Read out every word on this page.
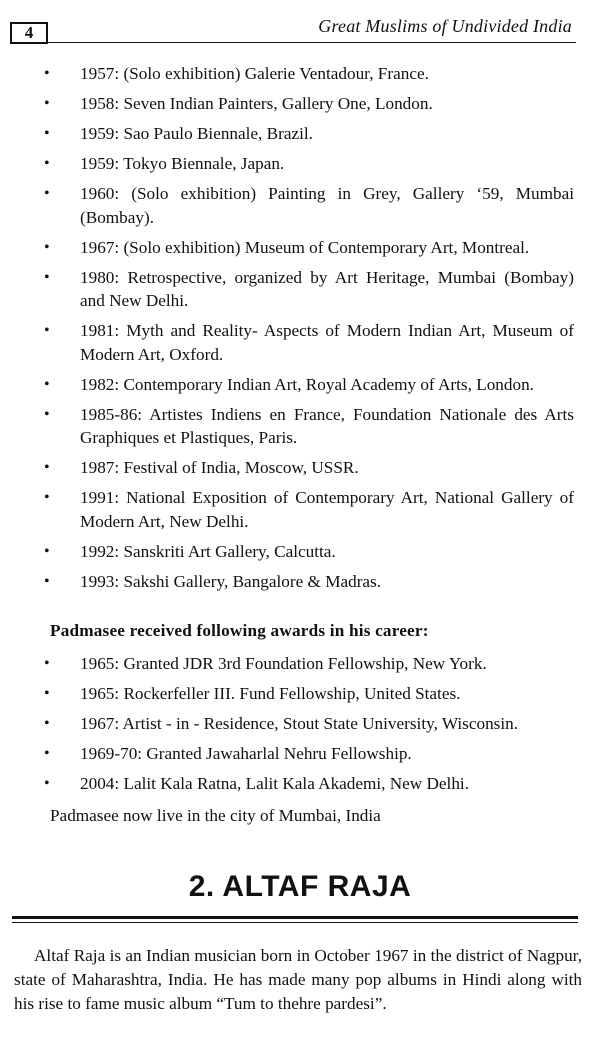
4	Great Muslims of Undivided India
• 1957: (Solo exhibition) Galerie Ventadour, France.
• 1958: Seven Indian Painters, Gallery One, London.
• 1959: Sao Paulo Biennale, Brazil.
• 1959: Tokyo Biennale, Japan.
• 1960: (Solo exhibition) Painting in Grey, Gallery ‘59, Mumbai (Bombay).
• 1967: (Solo exhibition) Museum of Contemporary Art, Montreal.
• 1980: Retrospective, organized by Art Heritage, Mumbai (Bombay) and New Delhi.
• 1981: Myth and Reality- Aspects of Modern Indian Art, Museum of Modern Art, Oxford.
• 1982: Contemporary Indian Art, Royal Academy of Arts, London.
• 1985-86: Artistes Indiens en France, Foundation Nationale des Arts Graphiques et Plastiques, Paris.
• 1987: Festival of India, Moscow, USSR.
• 1991: National Exposition of Contemporary Art, National Gallery of Modern Art, New Delhi.
• 1992: Sanskriti Art Gallery, Calcutta.
• 1993: Sakshi Gallery, Bangalore & Madras.
Padmasee received following awards in his career:
• 1965: Granted JDR 3rd Foundation Fellowship, New York.
• 1965: Rockerfeller III. Fund Fellowship, United States.
• 1967: Artist - in - Residence, Stout State University, Wisconsin.
• 1969-70: Granted Jawaharlal Nehru Fellowship.
• 2004: Lalit Kala Ratna, Lalit Kala Akademi, New Delhi.
Padmasee now live in the city of Mumbai, India
2. ALTAF RAJA

Altaf Raja is an Indian musician born in October 1967 in the district of Nagpur, state of Maharashtra, India. He has made many pop albums in Hindi along with his rise to fame music album “Tum to thehre pardesi”.
